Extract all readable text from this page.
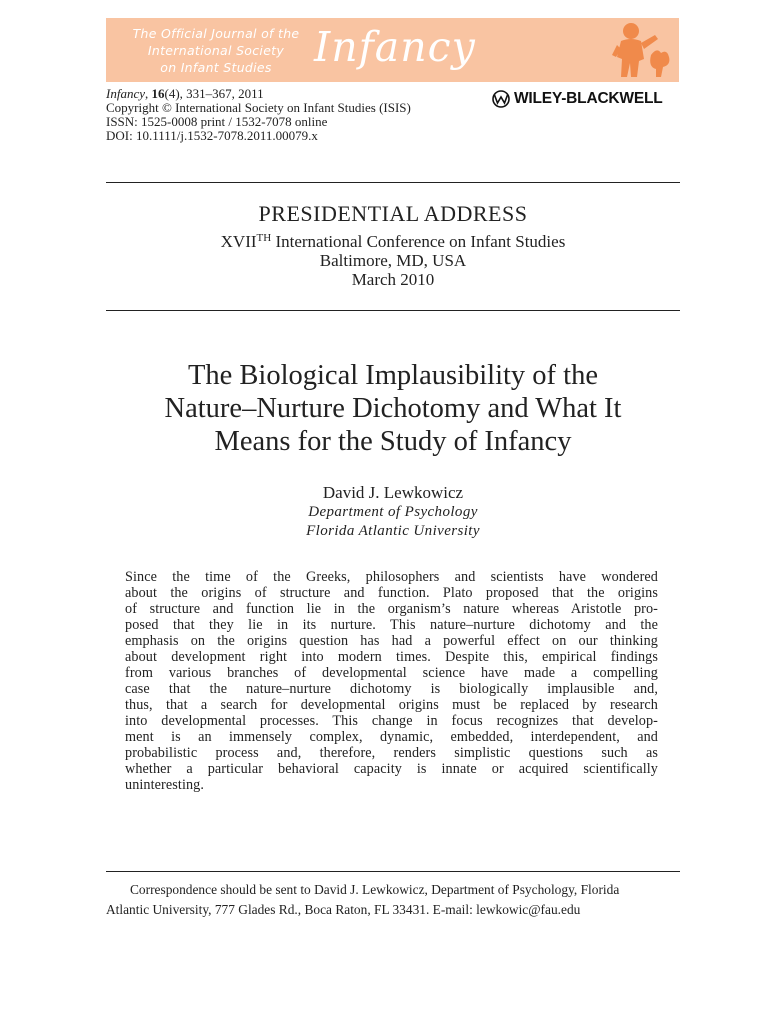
The Official Journal of the
International Society
on Infant Studies	Infancy
Infancy, 16(4), 331–367, 2011
Copyright © International Society on Infant Studies (ISIS)
ISSN: 1525-0008 print / 1532-7078 online
DOI: 10.1111/j.1532-7078.2011.00079.x
WILEY-BLACKWELL
PRESIDENTIAL ADDRESS
XVIITH International Conference on Infant Studies
Baltimore, MD, USA
March 2010
The Biological Implausibility of the
Nature–Nurture Dichotomy and What It
Means for the Study of Infancy
David J. Lewkowicz
Department of Psychology
Florida Atlantic University
Since the time of the Greeks, philosophers and scientists have wondered
about the origins of structure and function. Plato proposed that the origins
of structure and function lie in the organism’s nature whereas Aristotle pro-
posed that they lie in its nurture. This nature–nurture dichotomy and the
emphasis on the origins question has had a powerful effect on our thinking
about development right into modern times. Despite this, empirical findings
from various branches of developmental science have made a compelling
case that the nature–nurture dichotomy is biologically implausible and,
thus, that a search for developmental origins must be replaced by research
into developmental processes. This change in focus recognizes that develop-
ment is an immensely complex, dynamic, embedded, interdependent, and
probabilistic process and, therefore, renders simplistic questions such as
whether a particular behavioral capacity is innate or acquired scientifically
uninteresting.
Correspondence should be sent to David J. Lewkowicz, Department of Psychology, Florida
Atlantic University, 777 Glades Rd., Boca Raton, FL 33431. E-mail: lewkowic@fau.edu
